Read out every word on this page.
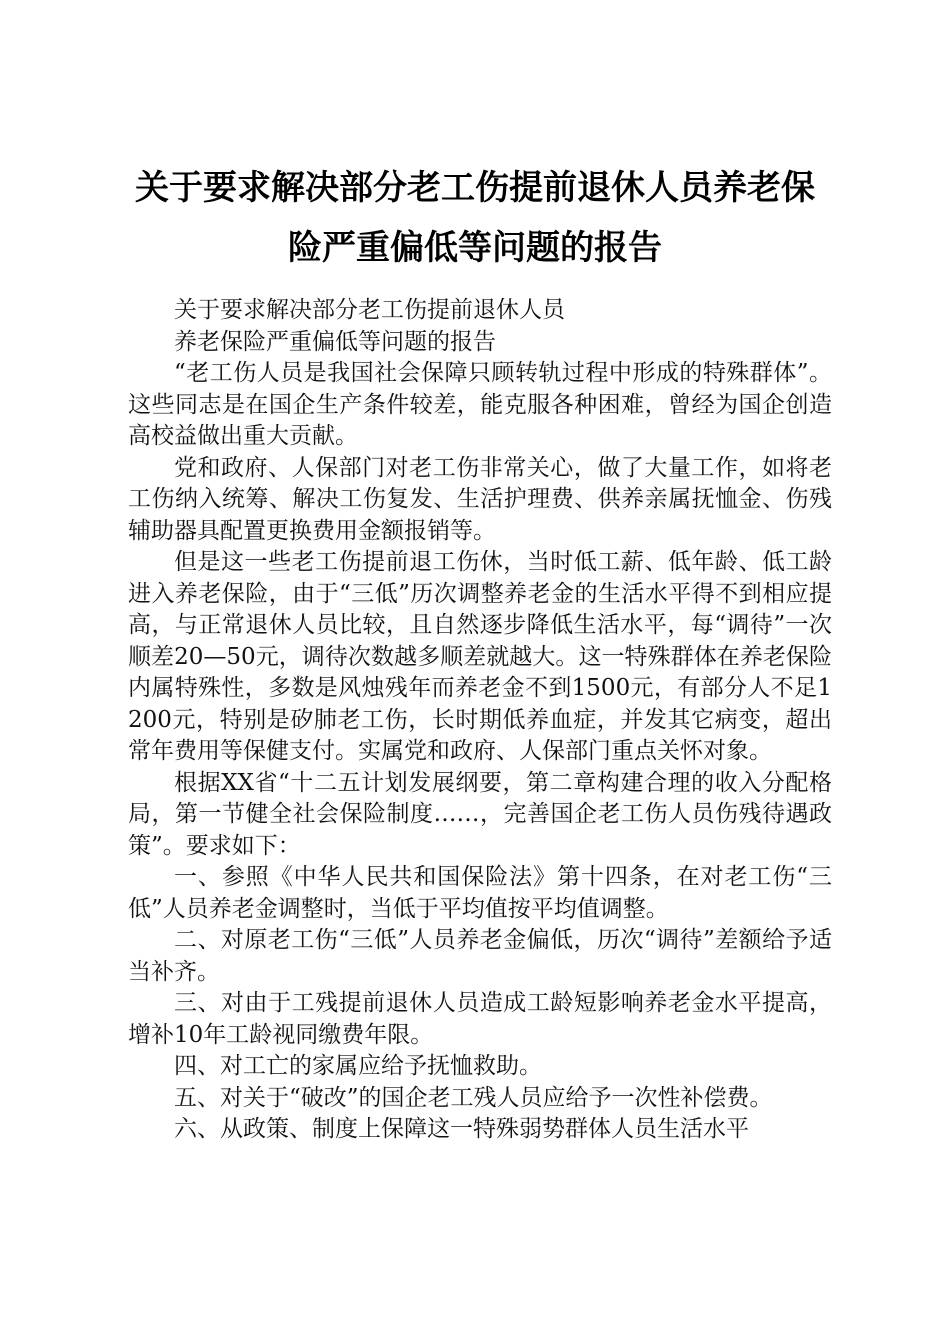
关于要求解决部分老工伤提前退休人员养老保
险严重偏低等问题的报告

关于要求解决部分老工伤提前退休人员

养老保险严重偏低等问题的报告

“老工伤人员是我国社会保障只顾转轨过程中形成的特殊群体”。这些同志是在国企生产条件较差，能克服各种困难，曾经为国企创造高校益做出重大贡献。

党和政府、人保部门对老工伤非常关心，做了大量工作，如将老工伤纳入统筹、解决工伤复发、生活护理费、供养亲属抚恤金、伤残辅助器具配置更换费用金额报销等。

但是这一些老工伤提前退工伤休，当时低工薪、低年龄、低工龄进入养老保险，由于“三低”历次调整养老金的生活水平得不到相应提高，与正常退休人员比较，且自然逐步降低生活水平，每“调待”一次顺差20—50元，调待次数越多顺差就越大。这一特殊群体在养老保险内属特殊性，多数是风烛残年而养老金不到1500元，有部分人不足1200元，特别是矽肺老工伤，长时期低养血症，并发其它病变，超出常年费用等保健支付。实属党和政府、人保部门重点关怀对象。

根据XX省“十二五计划发展纲要，第二章构建合理的收入分配格局，第一节健全社会保险制度……，完善国企老工伤人员伤残待遇政策”。要求如下：

一、参照《中华人民共和国保险法》第十四条，在对老工伤“三低”人员养老金调整时，当低于平均值按平均值调整。

二、对原老工伤“三低”人员养老金偏低，历次“调待”差额给予适当补齐。

三、对由于工残提前退休人员造成工龄短影响养老金水平提高，增补10年工龄视同缴费年限。

四、对工亡的家属应给予抚恤救助。

五、对关于“破改”的国企老工残人员应给予一次性补偿费。

六、从政策、制度上保障这一特殊弱势群体人员生活水平
